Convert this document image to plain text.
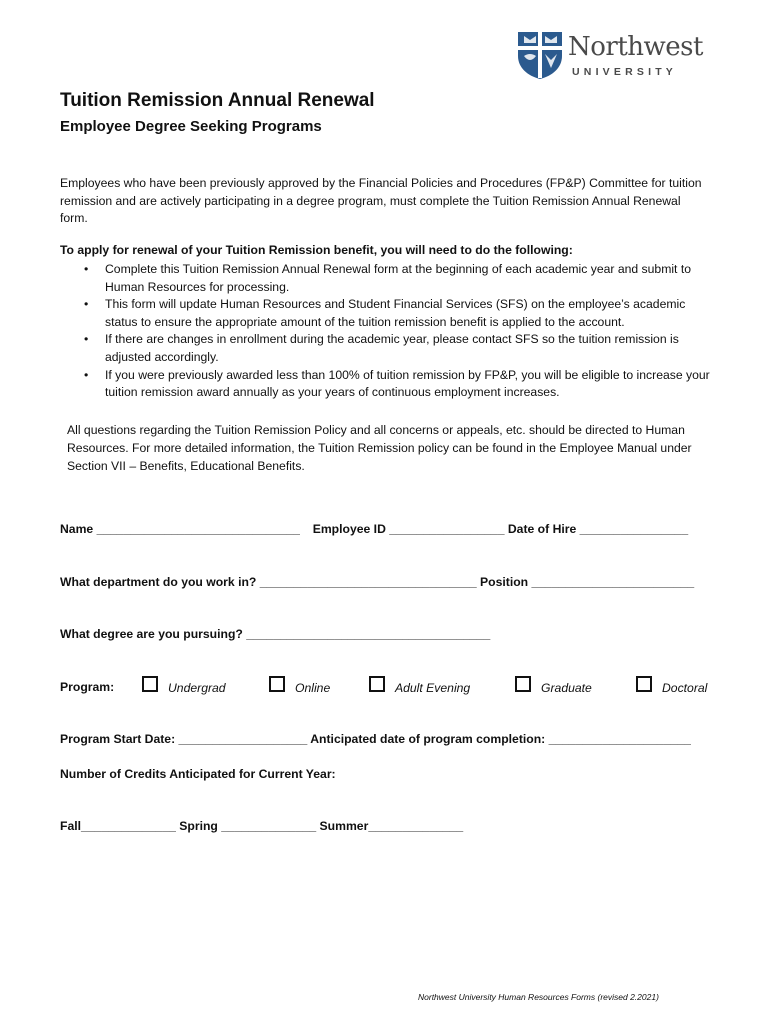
Northwest
UNIVERSITY
Tuition Remission Annual Renewal
Employee Degree Seeking Programs

Employees who have been previously approved by the Financial Policies and Procedures (FP&P) Committee for tuition remission and are actively participating in a degree program, must complete the Tuition Remission Annual Renewal form.

To apply for renewal of your Tuition Remission benefit, you will need to do the following:
• Complete this Tuition Remission Annual Renewal form at the beginning of each academic year and submit to Human Resources for processing.
• This form will update Human Resources and Student Financial Services (SFS) on the employee’s academic status to ensure the appropriate amount of the tuition remission benefit is applied to the account.
• If there are changes in enrollment during the academic year, please contact SFS so the tuition remission is adjusted accordingly.
• If you were previously awarded less than 100% of tuition remission by FP&P, you will be eligible to increase your tuition remission award annually as your years of continuous employment increases.
All questions regarding the Tuition Remission Policy and all concerns or appeals, etc. should be directed to Human Resources. For more detailed information, the Tuition Remission policy can be found in the Employee Manual under Section VII – Benefits, Educational Benefits.
Name ______________________________ Employee ID _________________ Date of Hire ________________
What department do you work in? ________________________________ Position ________________________
What degree are you pursuing? ____________________________________
Program:	Undergrad	Online	Adult Evening	Graduate	Doctoral
Program Start Date: ___________________ Anticipated date of program completion: _____________________
Number of Credits Anticipated for Current Year:
Fall______________ Spring ______________ Summer______________
Northwest University Human Resources Forms (revised 2.2021)
